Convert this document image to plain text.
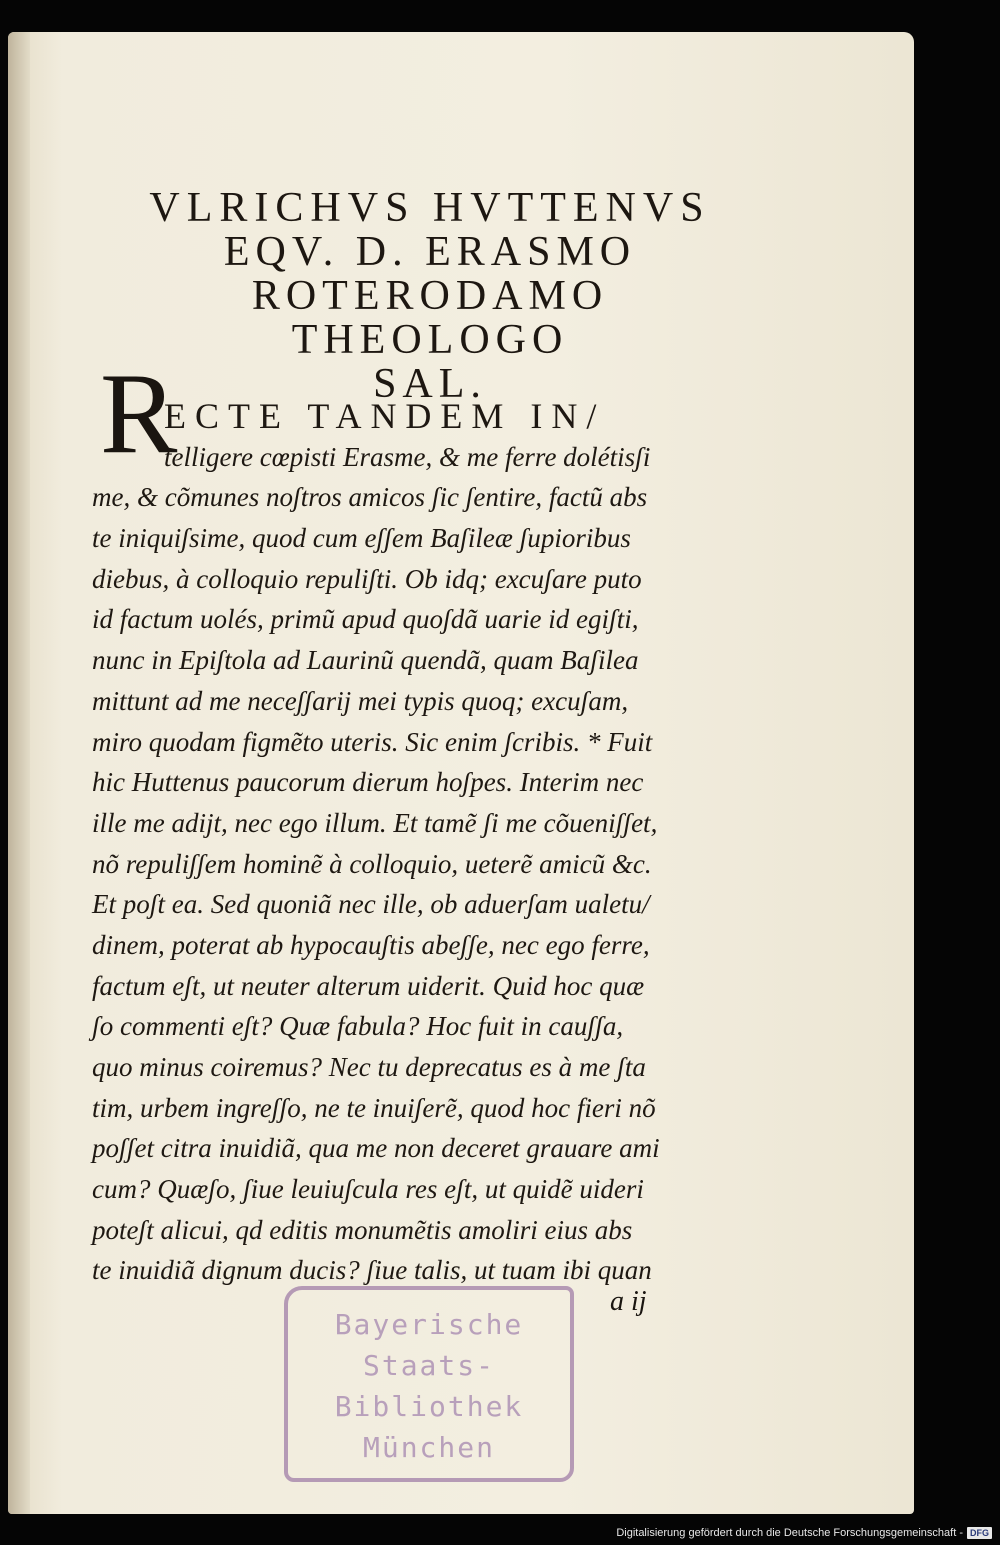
VLRICHVS HVTTENVS
EQV. D. ERASMO
ROTERODAMO
THEOLOGO
SAL.
R
ECTE TANDEM IN/
telligere cœpisti Erasme, & me ferre dolétisʃi
me, & cõmunes noʃtros amicos ʃic ʃentire, factũ abs
te iniquiʃsime, quod cum eʃʃem Baʃileæ ʃupioribus
diebus, à colloquio repuliʃti. Ob idq; excuʃare puto
id factum uolés, primũ apud quoʃdã uarie id egiʃti,
nunc in Epiʃtola ad Laurinũ quendã, quam Baʃilea
mittunt ad me neceʃʃarij mei typis quoq; excuʃam,
miro quodam figmẽto uteris. Sic enim ʃcribis. * Fuit
hic Huttenus paucorum dierum hoʃpes. Interim nec
ille me adijt, nec ego illum. Et tamẽ ʃi me cõueniʃʃet,
nõ repuliʃʃem hominẽ à colloquio, ueterẽ amicũ &c.
Et poʃt ea. Sed quoniã nec ille, ob aduerʃam ualetu/
dinem, poterat ab hypocauʃtis abeʃʃe, nec ego ferre,
factum eʃt, ut neuter alterum uiderit. Quid hoc quæ
ʃo commenti eʃt? Quæ fabula? Hoc fuit in cauʃʃa,
quo minus coiremus? Nec tu deprecatus es à me ʃta
tim, urbem ingreʃʃo, ne te inuiʃerẽ, quod hoc fieri nõ
poʃʃet citra inuidiã, qua me non deceret grauare ami
cum? Quæʃo, ʃiue leuiuʃcula res eʃt, ut quidẽ uideri
poteʃt alicui, qd editis monumẽtis amoliri eius abs
te inuidiã dignum ducis? ʃiue talis, ut tuam ibi quan
a ij
Bayerische
Staats-
Bibliothek
München
Digitalisierung gefördert durch die Deutsche Forschungsgemeinschaft - DFG
